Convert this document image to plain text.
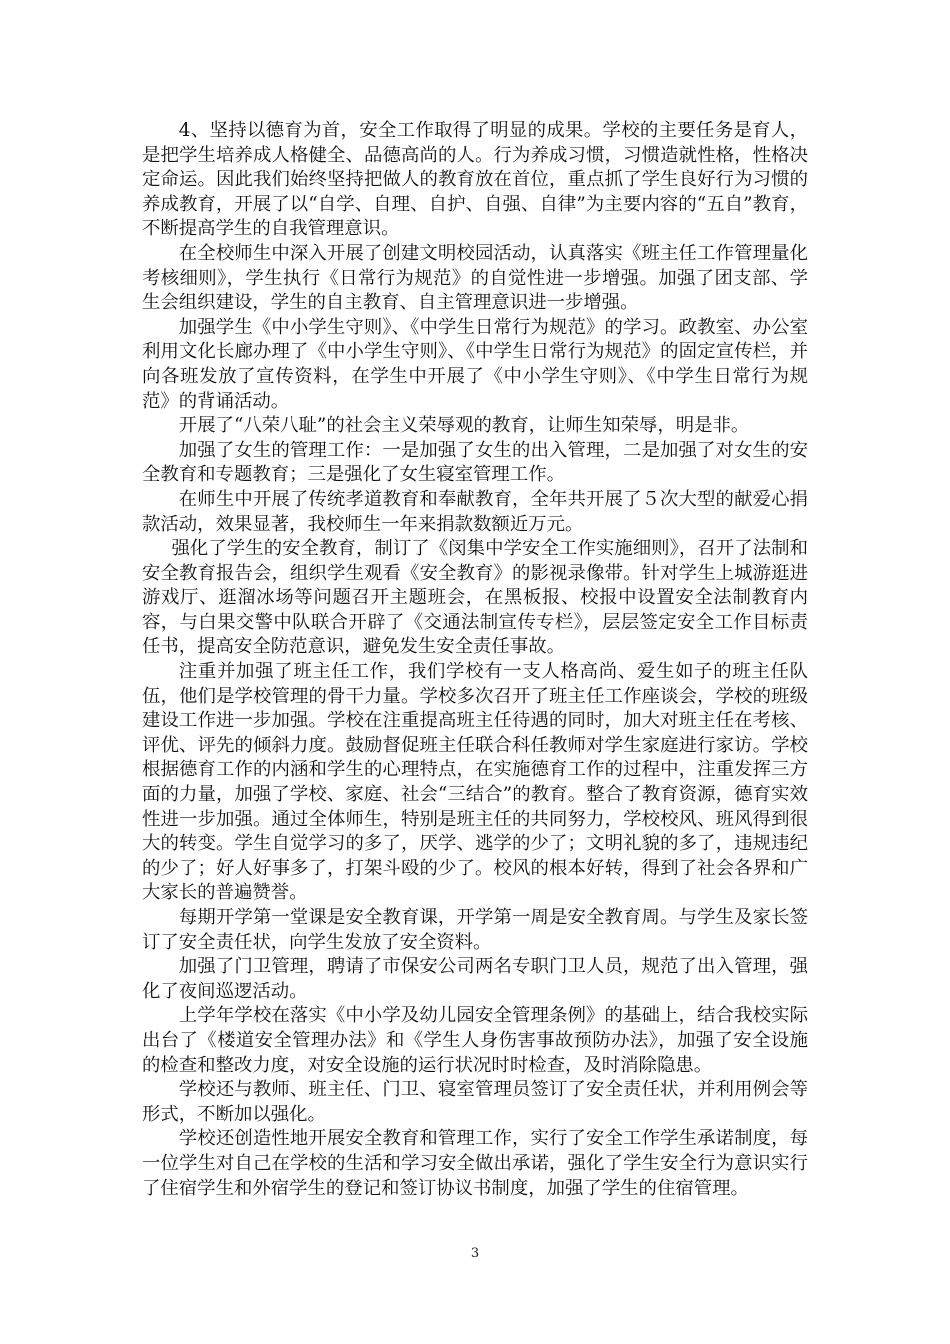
4、坚持以德育为首，安全工作取得了明显的成果。学校的主要任务是育人，是把学生培养成人格健全、品德高尚的人。行为养成习惯，习惯造就性格，性格决定命运。因此我们始终坚持把做人的教育放在首位，重点抓了学生良好行为习惯的养成教育，开展了以“自学、自理、自护、自强、自律”为主要内容的“五自”教育，不断提高学生的自我管理意识。

在全校师生中深入开展了创建文明校园活动，认真落实《班主任工作管理量化考核细则》，学生执行《日常行为规范》的自觉性进一步增强。加强了团支部、学生会组织建设，学生的自主教育、自主管理意识进一步增强。

加强学生《中小学生守则》、《中学生日常行为规范》的学习。政教室、办公室利用文化长廊办理了《中小学生守则》、《中学生日常行为规范》的固定宣传栏，并向各班发放了宣传资料，在学生中开展了《中小学生守则》、《中学生日常行为规范》的背诵活动。

开展了“八荣八耻”的社会主义荣辱观的教育，让师生知荣辱，明是非。

加强了女生的管理工作：一是加强了女生的出入管理，二是加强了对女生的安全教育和专题教育；三是强化了女生寝室管理工作。

在师生中开展了传统孝道教育和奉献教育，全年共开展了５次大型的献爱心捐款活动，效果显著，我校师生一年来捐款数额近万元。

强化了学生的安全教育，制订了《闵集中学安全工作实施细则》，召开了法制和安全教育报告会，组织学生观看《安全教育》的影视录像带。针对学生上城游逛进游戏厅、逛溜冰场等问题召开主题班会，在黑板报、校报中设置安全法制教育内容，与白果交警中队联合开辟了《交通法制宣传专栏》，层层签定安全工作目标责任书，提高安全防范意识，避免发生安全责任事故。

注重并加强了班主任工作，我们学校有一支人格高尚、爱生如子的班主任队伍，他们是学校管理的骨干力量。学校多次召开了班主任工作座谈会，学校的班级建设工作进一步加强。学校在注重提高班主任待遇的同时，加大对班主任在考核、评优、评先的倾斜力度。鼓励督促班主任联合科任教师对学生家庭进行家访。学校根据德育工作的内涵和学生的心理特点，在实施德育工作的过程中，注重发挥三方面的力量，加强了学校、家庭、社会“三结合”的教育。整合了教育资源，德育实效性进一步加强。通过全体师生，特别是班主任的共同努力，学校校风、班风得到很大的转变。学生自觉学习的多了，厌学、逃学的少了；文明礼貌的多了，违规违纪的少了；好人好事多了，打架斗殴的少了。校风的根本好转，得到了社会各界和广大家长的普遍赞誉。

每期开学第一堂课是安全教育课，开学第一周是安全教育周。与学生及家长签订了安全责任状，向学生发放了安全资料。

加强了门卫管理，聘请了市保安公司两名专职门卫人员，规范了出入管理，强化了夜间巡逻活动。

上学年学校在落实《中小学及幼儿园安全管理条例》的基础上，结合我校实际出台了《楼道安全管理办法》和《学生人身伤害事故预防办法》，加强了安全设施的检查和整改力度，对安全设施的运行状况时时检查，及时消除隐患。

学校还与教师、班主任、门卫、寝室管理员签订了安全责任状，并利用例会等形式，不断加以强化。

学校还创造性地开展安全教育和管理工作，实行了安全工作学生承诺制度，每一位学生对自己在学校的生活和学习安全做出承诺，强化了学生安全行为意识实行了住宿学生和外宿学生的登记和签订协议书制度，加强了学生的住宿管理。

3
